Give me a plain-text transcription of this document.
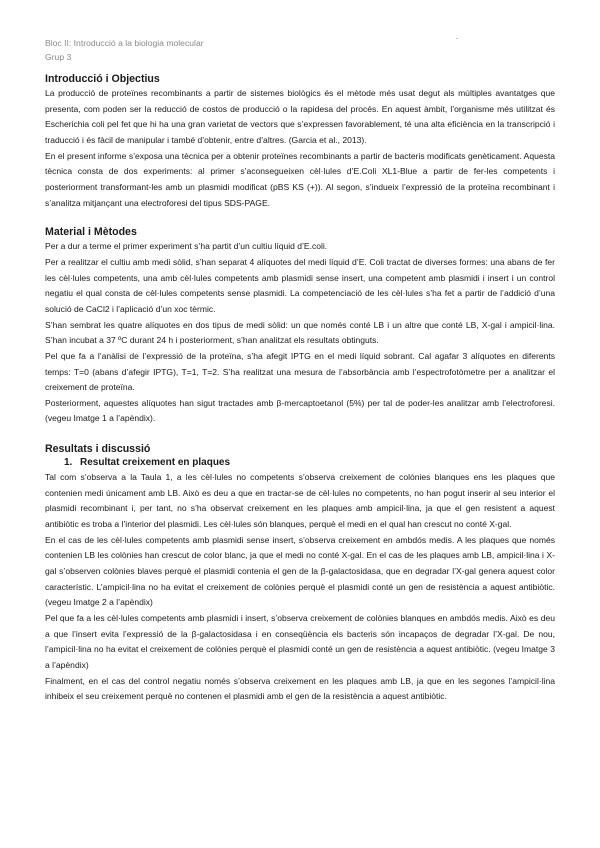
Bloc II: Introducció a la biologia molecular
Grup 3
Introducció i Objectius

La producció de proteïnes recombinants a partir de sistemes biològics és el mètode més usat degut als múltiples avantatges que presenta, com poden ser la reducció de costos de producció o la rapidesa del procés. En aquest àmbit, l’organisme més utilitzat és Escherichia coli pel fet que hi ha una gran varietat de vectors que s’expressen favorablement, té una alta eficiència en la transcripció i traducció i és fàcil de manipular i també d’obtenir, entre d’altres. (Garcia et al., 2013).

En el present informe s’exposa una tècnica per a obtenir proteïnes recombinants a partir de bacteris modificats genèticament. Aquesta tècnica consta de dos experiments: al primer s’aconsegueixen cèl·lules d’E.Coli XL1-Blue a partir de fer-les competents i posteriorment transformant-les amb un plasmidi modificat (pBS KS (+)). Al segon, s’indueix l’expressió de la proteïna recombinant i s’analitza mitjançant una electroforesi del tipus SDS-PAGE.

Material i Mètodes

Per a dur a terme el primer experiment s’ha partit d’un cultiu líquid d’E.coli.

Per a realitzar el cultiu amb medi sòlid, s’han separat 4 alíquotes del medi líquid d’E. Coli tractat de diverses formes: una abans de fer les cèl·lules competents, una amb cèl·lules competents amb plasmidi sense insert, una competent amb plasmidi i insert i un control negatiu el qual consta de cèl·lules competents sense plasmidi. La competenciació de les cèl·lules s’ha fet a partir de l’addició d’una solució de CaCl2 i l’aplicació d’un xoc tèrmic.

S’han sembrat les quatre alíquotes en dos tipus de medi sòlid: un que només conté LB i un altre que conté LB, X-gal i ampicil·lina. S’han incubat a 37 ºC durant 24 h i posteriorment, s’han analitzat els resultats obtinguts.

Pel que fa a l’anàlisi de l’expressió de la proteïna, s’ha afegit IPTG en el medi líquid sobrant. Cal agafar 3 alíquotes en diferents temps: T=0 (abans d’afegir IPTG), T=1, T=2. S’ha realitzat una mesura de l’absorbància amb l’espectrofotòmetre per a analitzar el creixement de proteïna.

Posteriorment, aquestes alíquotes han sigut tractades amb β-mercaptoetanol (5%) per tal de poder-les analitzar amb l’electroforesi. (vegeu Imatge 1 a l’apèndix).

Resultats i discussió
1. Resultat creixement en plaques

Tal com s’observa a la Taula 1, a les cèl·lules no competents s’observa creixement de colònies blanques ens les plaques que contenien medi únicament amb LB. Això es deu a que en tractar-se de cèl·lules no competents, no han pogut inserir al seu interior el plasmidi recombinant i, per tant, no s’ha observat creixement en les plaques amb ampicil·lina, ja que el gen resistent a aquest antibiòtic es troba a l’interior del plasmidi. Les cèl·lules són blanques, perquè el medi en el qual han crescut no conté X-gal.

En el cas de les cèl·lules competents amb plasmidi sense insert, s’observa creixement en ambdós medis. A les plaques que només contenien LB les colònies han crescut de color blanc, ja que el medi no conté X-gal. En el cas de les plaques amb LB, ampicil·lina i X-gal s’observen colònies blaves perquè el plasmidi contenia el gen de la β-galactosidasa, que en degradar l’X-gal genera aquest color característic. L’ampicil·lina no ha evitat el creixement de colònies perquè el plasmidi conté un gen de resistència a aquest antibiòtic. (vegeu Imatge 2 a l’apèndix)

Pel que fa a les cèl·lules competents amb plasmidi i insert, s’observa creixement de colònies blanques en ambdós medis. Això es deu a que l’insert evita l’expressió de la β-galactosidasa i en conseqüència els bacteris són incapaços de degradar l’X-gal. De nou, l’ampicil·lina no ha evitat el creixement de colònies perquè el plasmidi conté un gen de resistència a aquest antibiòtic. (vegeu Imatge 3 a l’apèndix)

Finalment, en el cas del control negatiu només s’observa creixement en les plaques amb LB, ja que en les segones l’ampicil·lina inhibeix el seu creixement perquè no contenen el plasmidi amb el gen de la resistència a aquest antibiòtic.
